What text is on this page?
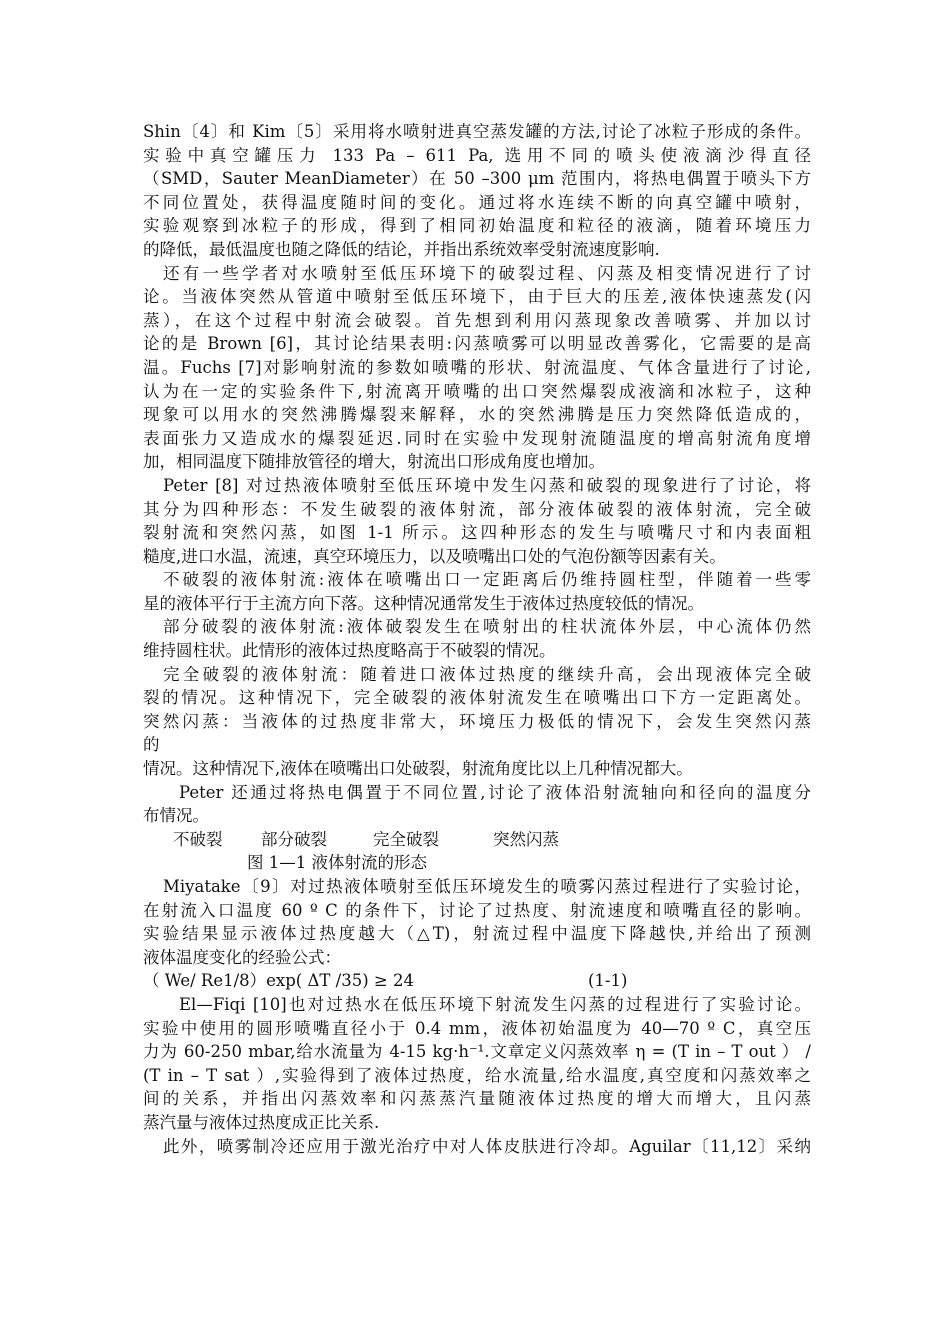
Shin〔4〕和 Kim〔5〕采用将水喷射进真空蒸发罐的方法,讨论了冰粒子形成的条件。
实验中真空罐压力 133 Pa – 611 Pa, 选用不同的喷头使液滴沙得直径
（SMD，Sauter MeanDiameter）在 50 –300 μm 范围内，将热电偶置于喷头下方
不同位置处，获得温度随时间的变化。通过将水连续不断的向真空罐中喷射，
实验观察到冰粒子的形成，得到了相同初始温度和粒径的液滴，随着环境压力
的降低，最低温度也随之降低的结论，并指出系统效率受射流速度影响.
还有一些学者对水喷射至低压环境下的破裂过程、闪蒸及相变情况进行了讨
论。当液体突然从管道中喷射至低压环境下，由于巨大的压差,液体快速蒸发(闪
蒸），在这个过程中射流会破裂。首先想到利用闪蒸现象改善喷雾、并加以讨
论的是 Brown [6]，其讨论结果表明:闪蒸喷雾可以明显改善雾化，它需要的是高
温。Fuchs [7]对影响射流的参数如喷嘴的形状、射流温度、气体含量进行了讨论,
认为在一定的实验条件下,射流离开喷嘴的出口突然爆裂成液滴和冰粒子，这种
现象可以用水的突然沸腾爆裂来解释，水的突然沸腾是压力突然降低造成的，
表面张力又造成水的爆裂延迟.同时在实验中发现射流随温度的增高射流角度增
加，相同温度下随排放管径的增大，射流出口形成角度也增加。
Peter [8] 对过热液体喷射至低压环境中发生闪蒸和破裂的现象进行了讨论，将
其分为四种形态：不发生破裂的液体射流，部分液体破裂的液体射流，完全破
裂射流和突然闪蒸，如图 1-1 所示。这四种形态的发生与喷嘴尺寸和内表面粗
糙度,进口水温，流速，真空环境压力，以及喷嘴出口处的气泡份额等因素有关。
不破裂的液体射流:液体在喷嘴出口一定距离后仍维持圆柱型，伴随着一些零
星的液体平行于主流方向下落。这种情况通常发生于液体过热度较低的情况。
部分破裂的液体射流:液体破裂发生在喷射出的柱状流体外层，中心流体仍然
维持圆柱状。此情形的液体过热度略高于不破裂的情况。
完全破裂的液体射流：随着进口液体过热度的继续升高，会出现液体完全破
裂的情况。这种情况下，完全破裂的液体射流发生在喷嘴出口下方一定距离处。
突然闪蒸：当液体的过热度非常大，环境压力极低的情况下，会发生突然闪蒸
的
情况。这种情况下,液体在喷嘴出口处破裂，射流角度比以上几种情况都大。
Peter 还通过将热电偶置于不同位置,讨论了液体沿射流轴向和径向的温度分
布情况。
不破裂 部分破裂	完全破裂	突然闪蒸
图 1—1 液体射流的形态
Miyatake〔9〕对过热液体喷射至低压环境发生的喷雾闪蒸过程进行了实验讨论，
在射流入口温度 60 º C 的条件下，讨论了过热度、射流速度和喷嘴直径的影响。
实验结果显示液体过热度越大（△T)，射流过程中温度下降越快,并给出了预测
液体温度变化的经验公式：
（ We/ Re1/8）exp( ΔT /35) ≥ 24	(1-1)
El—Fiqi [10]也对过热水在低压环境下射流发生闪蒸的过程进行了实验讨论。
实验中使用的圆形喷嘴直径小于 0.4 mm，液体初始温度为 40—70 º C，真空压
力为 60-250 mbar,给水流量为 4-15 kg·h⁻¹.文章定义闪蒸效率 η = (T in – T out ） /
(T in – T sat ）,实验得到了液体过热度，给水流量,给水温度,真空度和闪蒸效率之
间的关系，并指出闪蒸效率和闪蒸蒸汽量随液体过热度的增大而增大，且闪蒸
蒸汽量与液体过热度成正比关系.
此外，喷雾制冷还应用于激光治疗中对人体皮肤进行冷却。Aguilar〔11,12〕采纳
